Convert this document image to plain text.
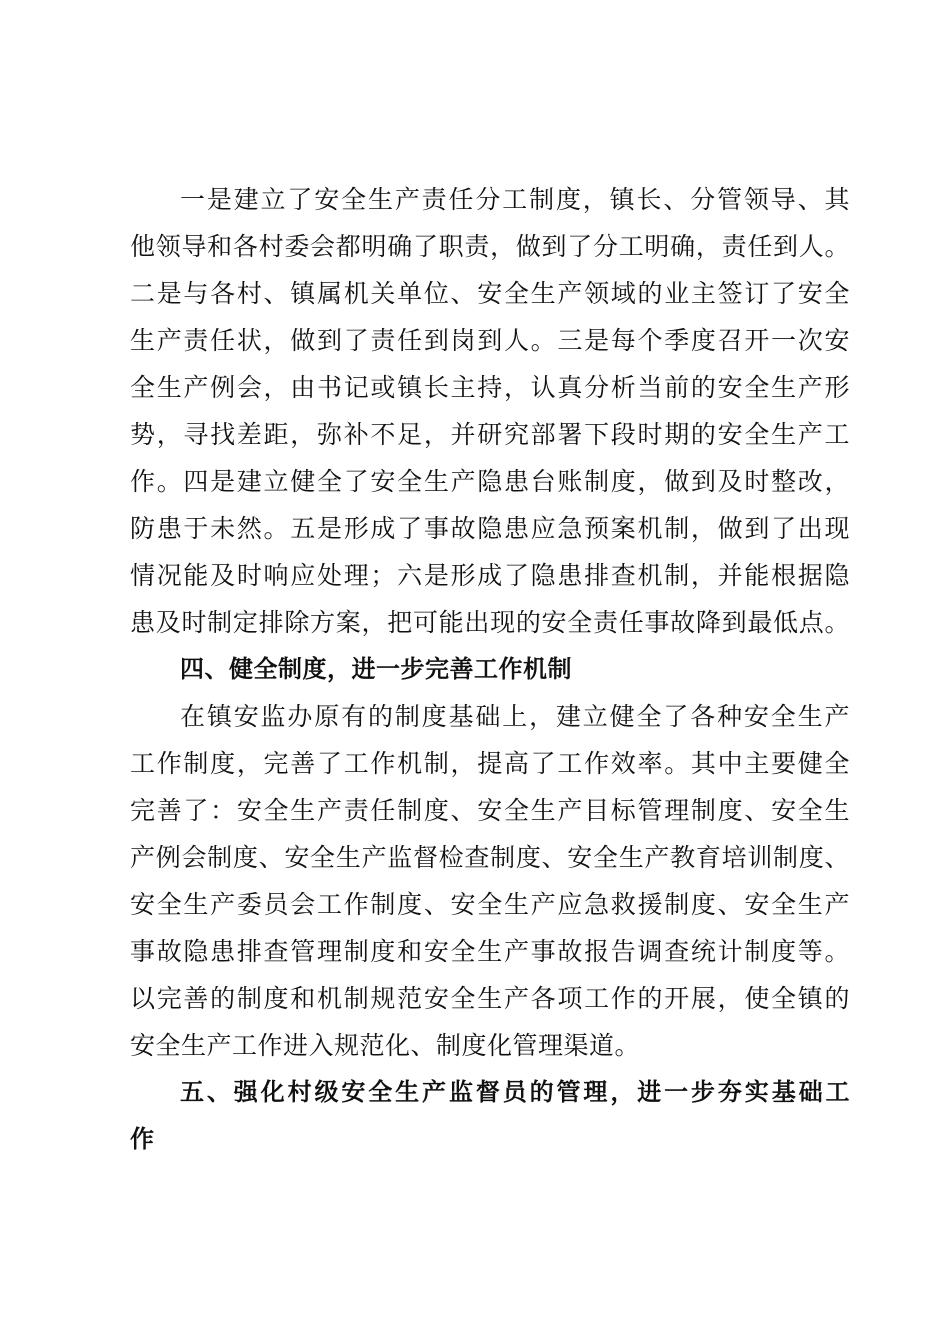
一是建立了安全生产责任分工制度，镇长、分管领导、其
他领导和各村委会都明确了职责，做到了分工明确，责任到人。
二是与各村、镇属机关单位、安全生产领域的业主签订了安全
生产责任状，做到了责任到岗到人。三是每个季度召开一次安
全生产例会，由书记或镇长主持，认真分析当前的安全生产形
势，寻找差距，弥补不足，并研究部署下段时期的安全生产工
作。四是建立健全了安全生产隐患台账制度，做到及时整改，
防患于未然。五是形成了事故隐患应急预案机制，做到了出现
情况能及时响应处理；六是形成了隐患排查机制，并能根据隐
患及时制定排除方案，把可能出现的安全责任事故降到最低点。
四、健全制度，进一步完善工作机制
在镇安监办原有的制度基础上，建立健全了各种安全生产
工作制度，完善了工作机制，提高了工作效率。其中主要健全
完善了：安全生产责任制度、安全生产目标管理制度、安全生
产例会制度、安全生产监督检查制度、安全生产教育培训制度、
安全生产委员会工作制度、安全生产应急救援制度、安全生产
事故隐患排查管理制度和安全生产事故报告调查统计制度等。
以完善的制度和机制规范安全生产各项工作的开展，使全镇的
安全生产工作进入规范化、制度化管理渠道。
五、强化村级安全生产监督员的管理，进一步夯实基础工
作
